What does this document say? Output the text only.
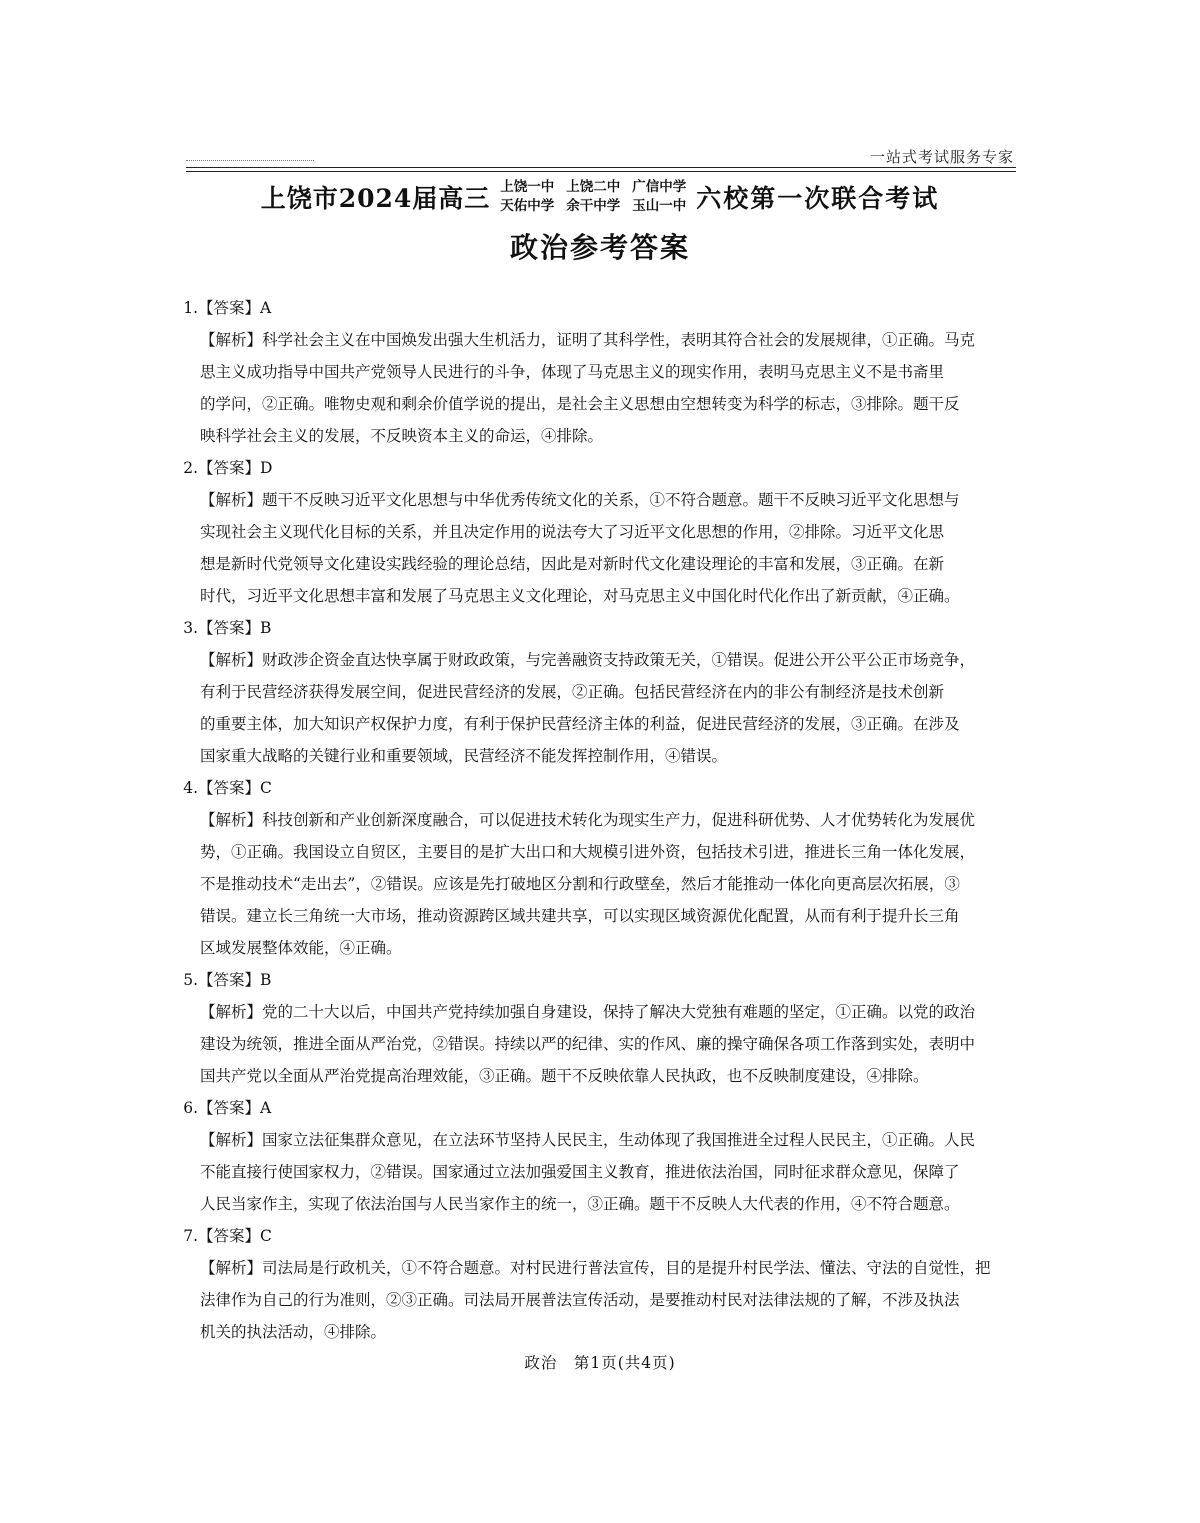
一站式考试服务专家
上饶市2024届高三 上饶一中 上饶二中 广信中学
天佑中学 余干中学 玉山一中 六校第一次联合考试
政治参考答案
1.【答案】A
【解析】科学社会主义在中国焕发出强大生机活力，证明了其科学性，表明其符合社会的发展规律，①正确。马克
思主义成功指导中国共产党领导人民进行的斗争，体现了马克思主义的现实作用，表明马克思主义不是书斋里
的学问，②正确。唯物史观和剩余价值学说的提出，是社会主义思想由空想转变为科学的标志，③排除。题干反
映科学社会主义的发展，不反映资本主义的命运，④排除。
2.【答案】D
【解析】题干不反映习近平文化思想与中华优秀传统文化的关系，①不符合题意。题干不反映习近平文化思想与
实现社会主义现代化目标的关系，并且决定作用的说法夸大了习近平文化思想的作用，②排除。习近平文化思
想是新时代党领导文化建设实践经验的理论总结，因此是对新时代文化建设理论的丰富和发展，③正确。在新
时代，习近平文化思想丰富和发展了马克思主义文化理论，对马克思主义中国化时代化作出了新贡献，④正确。
3.【答案】B
【解析】财政涉企资金直达快享属于财政政策，与完善融资支持政策无关，①错误。促进公开公平公正市场竞争，
有利于民营经济获得发展空间，促进民营经济的发展，②正确。包括民营经济在内的非公有制经济是技术创新
的重要主体，加大知识产权保护力度，有利于保护民营经济主体的利益，促进民营经济的发展，③正确。在涉及
国家重大战略的关键行业和重要领域，民营经济不能发挥控制作用，④错误。
4.【答案】C
【解析】科技创新和产业创新深度融合，可以促进技术转化为现实生产力，促进科研优势、人才优势转化为发展优
势，①正确。我国设立自贸区，主要目的是扩大出口和大规模引进外资，包括技术引进，推进长三角一体化发展，
不是推动技术“走出去”，②错误。应该是先打破地区分割和行政壁垒，然后才能推动一体化向更高层次拓展，③
错误。建立长三角统一大市场，推动资源跨区域共建共享，可以实现区域资源优化配置，从而有利于提升长三角
区域发展整体效能，④正确。
5.【答案】B
【解析】党的二十大以后，中国共产党持续加强自身建设，保持了解决大党独有难题的坚定，①正确。以党的政治
建设为统领，推进全面从严治党，②错误。持续以严的纪律、实的作风、廉的操守确保各项工作落到实处，表明中
国共产党以全面从严治党提高治理效能，③正确。题干不反映依靠人民执政，也不反映制度建设，④排除。
6.【答案】A
【解析】国家立法征集群众意见，在立法环节坚持人民民主，生动体现了我国推进全过程人民民主，①正确。人民
不能直接行使国家权力，②错误。国家通过立法加强爱国主义教育，推进依法治国，同时征求群众意见，保障了
人民当家作主，实现了依法治国与人民当家作主的统一，③正确。题干不反映人大代表的作用，④不符合题意。
7.【答案】C
【解析】司法局是行政机关，①不符合题意。对村民进行普法宣传，目的是提升村民学法、懂法、守法的自觉性，把
法律作为自己的行为准则，②③正确。司法局开展普法宣传活动，是要推动村民对法律法规的了解，不涉及执法
机关的执法活动，④排除。
政治　第1页(共4页)
